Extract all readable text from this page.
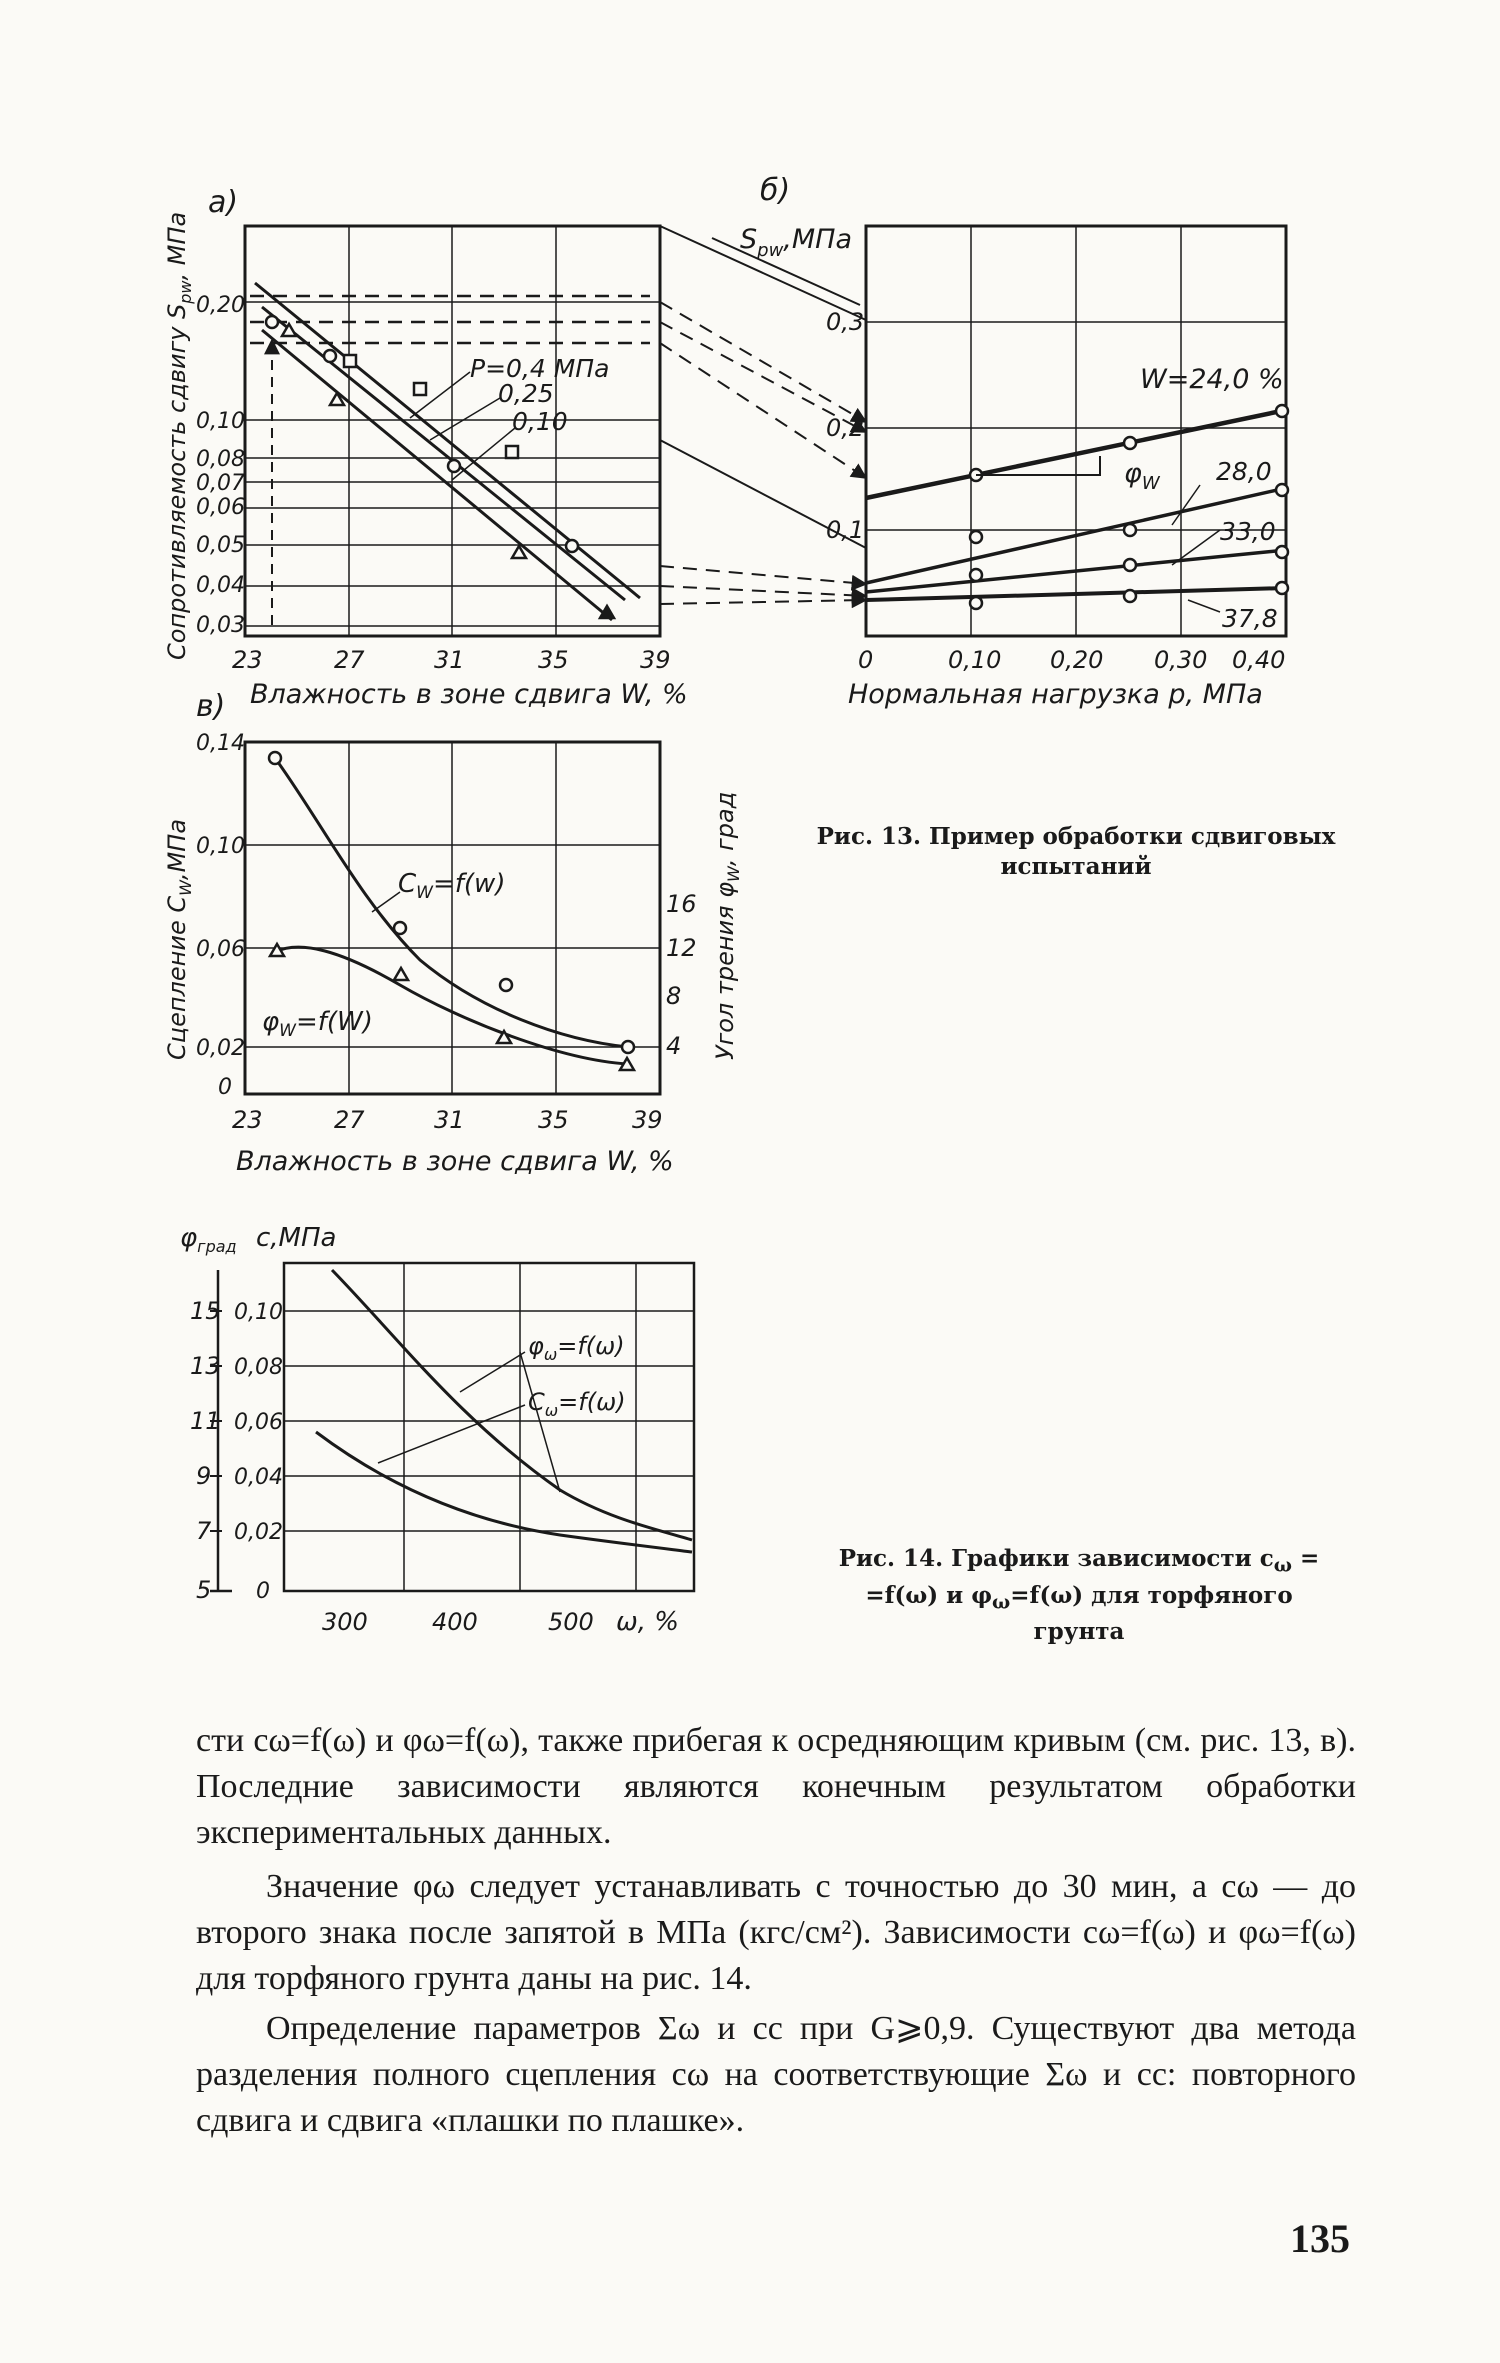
а)
P=0,4 МПа
0,25
0,10
0,20
0,10
0,08
0,07
0,06
0,05
0,04
0,03
23	27	31	35	39
Влажность в зоне сдвига W, %
Сопротивляемость сдвигу $S_{pw}$, МПа
б)
$S_{pw},МПа$
0,3
0,2
0,1
0	0,10 0,20 0,30 0,40
Нормальная нагрузка p, МПа
W=24,0 %
28,0
33,0
37,8
$\varphi_W$
в)
0,14
0,10
0,06
0,02
0
16
12
8
4
23	27	31	35	39
Влажность в зоне сдвига W, %
Сцепление $С_W,МПа$
Угол трения $\varphi_W$, град
$C_W=f(w)$
$\varphi_W=f(W)$
$\varphi_{град}$ c,МПа
15
13
11
9
7
5
0,10
0,08
0,06
0,04
0,02
0
300	400	500 ω, %
$\varphi_\omega=f(\omega)$
$C_\omega=f(\omega)$
Рис. 13. Пример обработки сдвиговых испытаний
Рис. 14. Графики зависимости $c_\omega$ =
=f(ω) и $\varphi_\omega=f(\omega)$ для торфяного
грунта

сти cω=f(ω) и φω=f(ω), также прибегая к осредняющим кривым (см. рис. 13, в). Последние зависимости являются конечным результатом обработки экспериментальных данных.

Значение φω следует устанавливать с точностью до 30 мин, а cω — до второго знака после запятой в МПа (кгс/см²). Зависимости cω=f(ω) и φω=f(ω) для торфяного грунта даны на рис. 14.

Определение параметров Σω и cc при G⩾0,9. Существуют два метода разделения полного сцепления cω на соответствующие Σω и cc: повторного сдвига и сдвига «плашки по плашке».

135
